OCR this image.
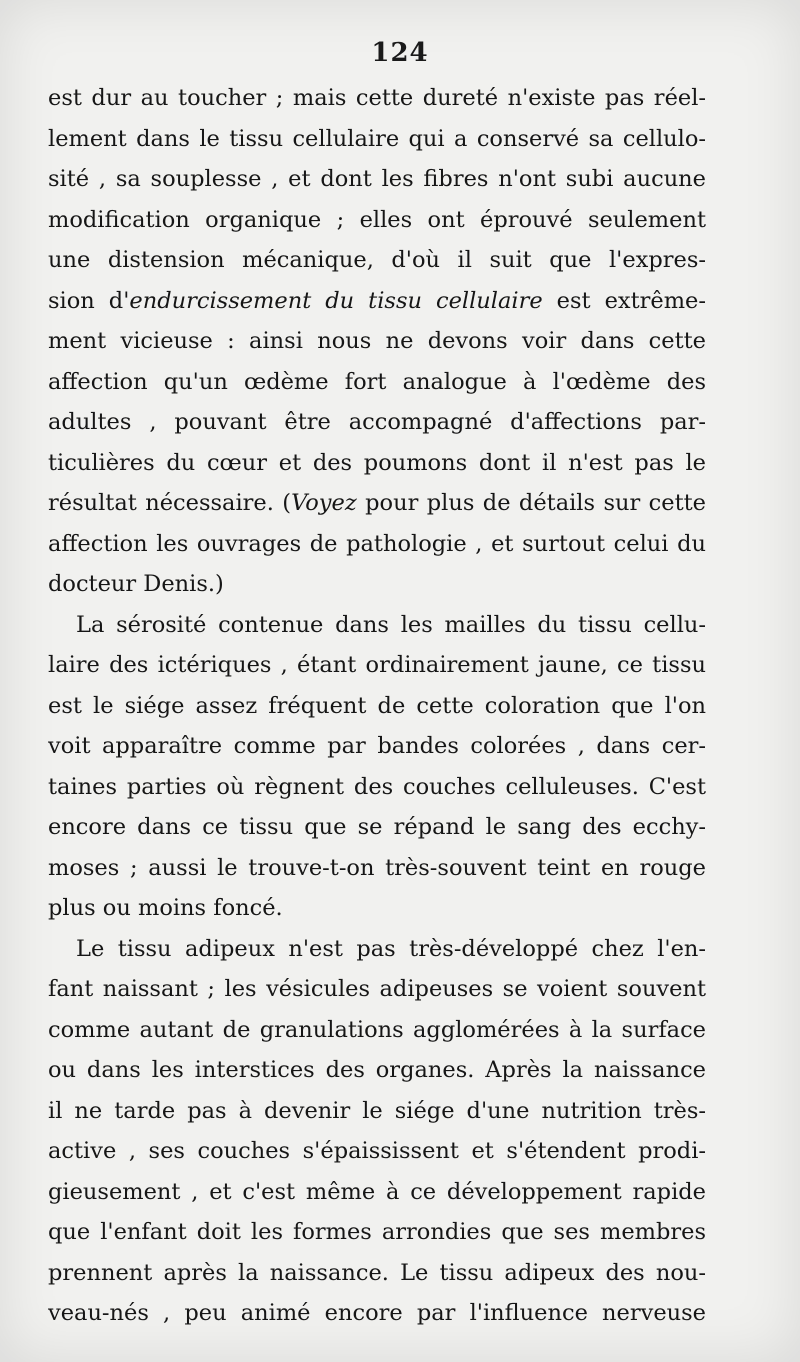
124
est dur au toucher ; mais cette dureté n'existe pas réel-
lement dans le tissu cellulaire qui a conservé sa cellulo-
sité , sa souplesse , et dont les fibres n'ont subi aucune
modification organique ; elles ont éprouvé seulement
une distension mécanique, d'où il suit que l'expres-
sion d'endurcissement du tissu cellulaire est extrême-
ment vicieuse : ainsi nous ne devons voir dans cette
affection qu'un œdème fort analogue à l'œdème des
adultes , pouvant être accompagné d'affections par-
ticulières du cœur et des poumons dont il n'est pas le
résultat nécessaire. (Voyez pour plus de détails sur cette
affection les ouvrages de pathologie , et surtout celui du
docteur Denis.)
La sérosité contenue dans les mailles du tissu cellu-
laire des ictériques , étant ordinairement jaune, ce tissu
est le siége assez fréquent de cette coloration que l'on
voit apparaître comme par bandes colorées , dans cer-
taines parties où règnent des couches celluleuses. C'est
encore dans ce tissu que se répand le sang des ecchy-
moses ; aussi le trouve-t-on très-souvent teint en rouge
plus ou moins foncé.
Le tissu adipeux n'est pas très-développé chez l'en-
fant naissant ; les vésicules adipeuses se voient souvent
comme autant de granulations agglomérées à la surface
ou dans les interstices des organes. Après la naissance
il ne tarde pas à devenir le siége d'une nutrition très-
active , ses couches s'épaississent et s'étendent prodi-
gieusement , et c'est même à ce développement rapide
que l'enfant doit les formes arrondies que ses membres
prennent après la naissance. Le tissu adipeux des nou-
veau-nés , peu animé encore par l'influence nerveuse
